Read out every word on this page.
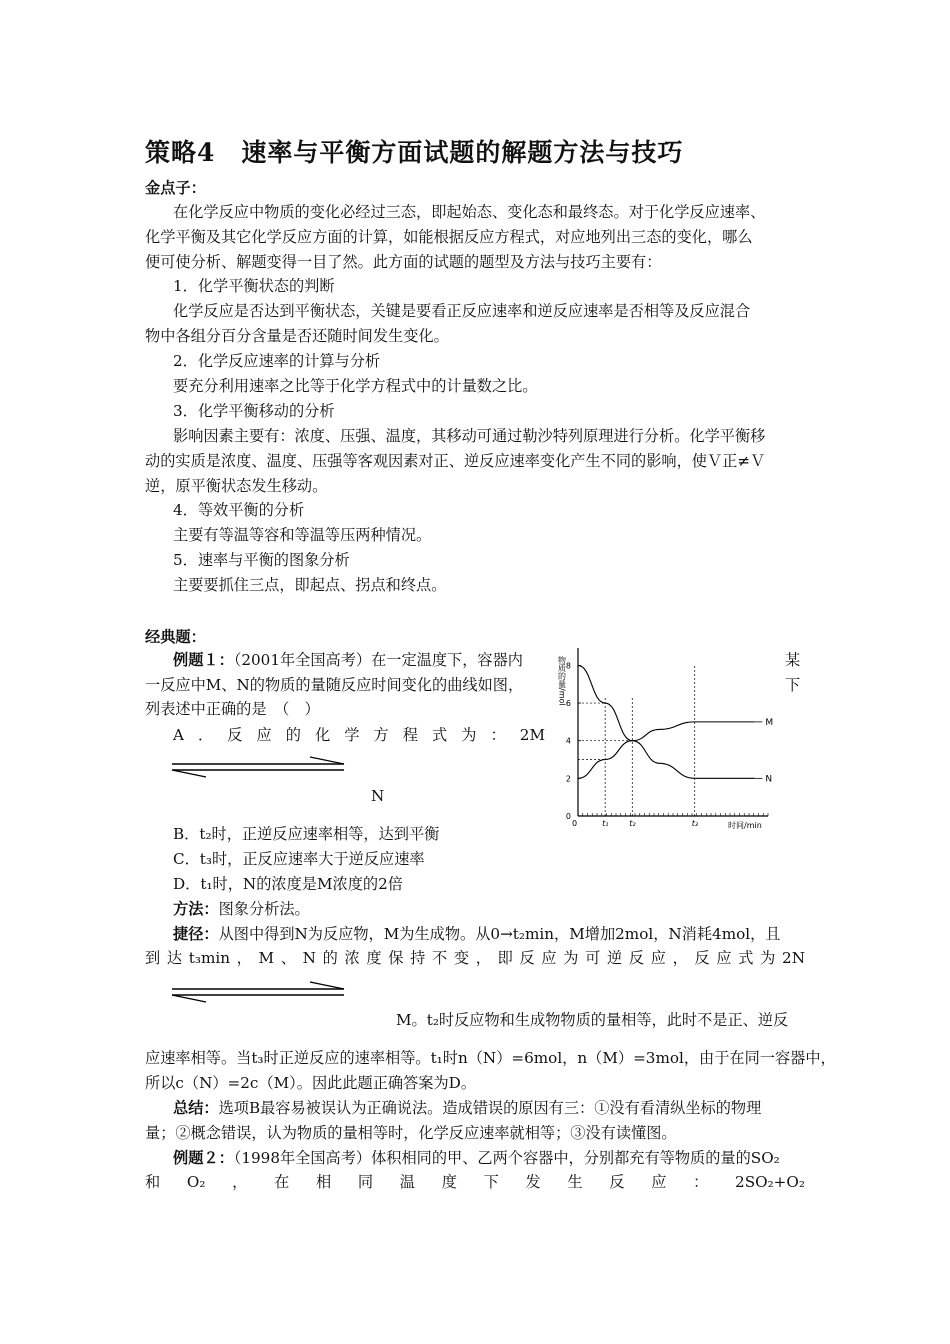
策略4　速率与平衡方面试题的解题方法与技巧
金点子：
在化学反应中物质的变化必经过三态，即起始态、变化态和最终态。对于化学反应速率、
化学平衡及其它化学反应方面的计算，如能根据反应方程式，对应地列出三态的变化，哪么
便可使分析、解题变得一目了然。此方面的试题的题型及方法与技巧主要有：
1．化学平衡状态的判断
化学反应是否达到平衡状态，关键是要看正反应速率和逆反应速率是否相等及反应混合
物中各组分百分含量是否还随时间发生变化。
2．化学反应速率的计算与分析
要充分利用速率之比等于化学方程式中的计量数之比。
3．化学平衡移动的分析
影响因素主要有：浓度、压强、温度，其移动可通过勒沙特列原理进行分析。化学平衡移
动的实质是浓度、温度、压强等客观因素对正、逆反应速率变化产生不同的影响，使Ｖ正≠Ｖ
逆，原平衡状态发生移动。
4．等效平衡的分析
主要有等温等容和等温等压两种情况。
5．速率与平衡的图象分析
主要要抓住三点，即起点、拐点和终点。
经典题：
例题１：（2001年全国高考）在一定温度下，容器内	某
一反应中M、N的物质的量随反应时间变化的曲线如图，	下
列表述中正确的是　（　）
A ． 反 应 的 化 学 方 程 式 为 ： 2M
N
B．t₂时，正逆反应速率相等，达到平衡
C．t₃时，正反应速率大于逆反应速率
D．t₁时，N的浓度是M浓度的2倍
方法：图象分析法。
捷径：从图中得到N为反应物，M为生成物。从0→t₂min，M增加2mol，N消耗4mol，且
到 达 t₃min ， M 、 N 的 浓 度 保 持 不 变 ， 即 反 应 为 可 逆 反 应 ， 反 应 式 为 2N
M。t₂时反应物和生成物物质的量相等，此时不是正、逆反
应速率相等。当t₃时正逆反应的速率相等。t₁时n（N）=6mol，n（M）=3mol，由于在同一容器中，
所以c（N）=2c（M）。因此此题正确答案为D。
总结：选项B最容易被误认为正确说法。造成错误的原因有三：①没有看清纵坐标的物理
量；②概念错误，认为物质的量相等时，化学反应速率就相等；③没有读懂图。
例题２：（1998年全国高考）体积相同的甲、乙两个容器中，分别都充有等物质的量的SO₂
和 O₂ ， 在 相 同 温 度 下 发 生 反 应 ： 2SO₂+O₂
物质的量/mol
时间/min
0
2
4
6
8
t₁	t₂	t₃
M
N
0
